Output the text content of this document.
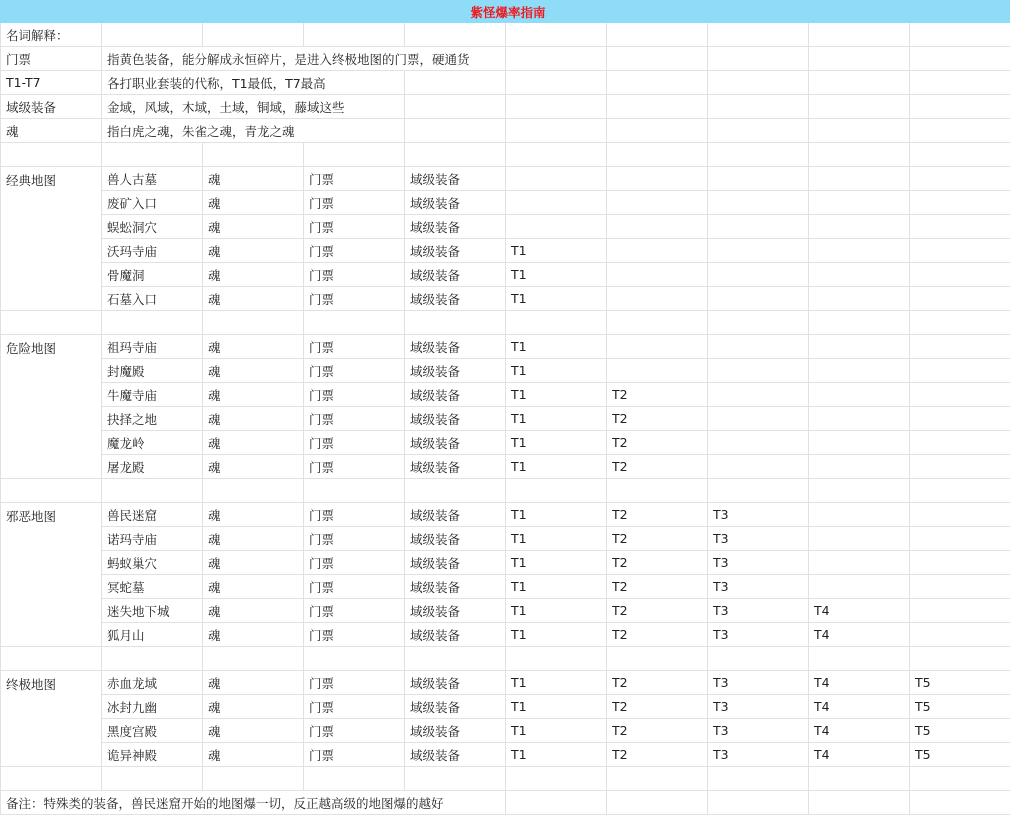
紫怪爆率指南									
名词解释：									
门票	指黄色装备，能分解成永恒碎片，是进入终极地图的门票，硬通货								
T1-T7	各打职业套装的代称，T1最低，T7最高								
域级装备	金域，风域，木域，土域，铜域，藤域这些								
魂	指白虎之魂，朱雀之魂，青龙之魂								

经典地图	兽人古墓	魂	门票	域级装备					
	废矿入口	魂	门票	域级装备					
	蜈蚣洞穴	魂	门票	域级装备					
	沃玛寺庙	魂	门票	域级装备	T1				
	骨魔洞	魂	门票	域级装备	T1				
	石墓入口	魂	门票	域级装备	T1				

危险地图	祖玛寺庙	魂	门票	域级装备	T1				
	封魔殿	魂	门票	域级装备	T1				
	牛魔寺庙	魂	门票	域级装备	T1	T2			
	抉择之地	魂	门票	域级装备	T1	T2			
	魔龙岭	魂	门票	域级装备	T1	T2			
	屠龙殿	魂	门票	域级装备	T1	T2			

邪恶地图	兽民迷窟	魂	门票	域级装备	T1	T2	T3		
	诺玛寺庙	魂	门票	域级装备	T1	T2	T3		
	蚂蚁巢穴	魂	门票	域级装备	T1	T2	T3		
	冥蛇墓	魂	门票	域级装备	T1	T2	T3		
	迷失地下城	魂	门票	域级装备	T1	T2	T3	T4	
	狐月山	魂	门票	域级装备	T1	T2	T3	T4	

终极地图	赤血龙域	魂	门票	域级装备	T1	T2	T3	T4	T5
	冰封九幽	魂	门票	域级装备	T1	T2	T3	T4	T5
	黑度宫殿	魂	门票	域级装备	T1	T2	T3	T4	T5
	诡异神殿	魂	门票	域级装备	T1	T2	T3	T4	T5

备注：特殊类的装备，兽民迷窟开始的地图爆一切，反正越高级的地图爆的越好									
